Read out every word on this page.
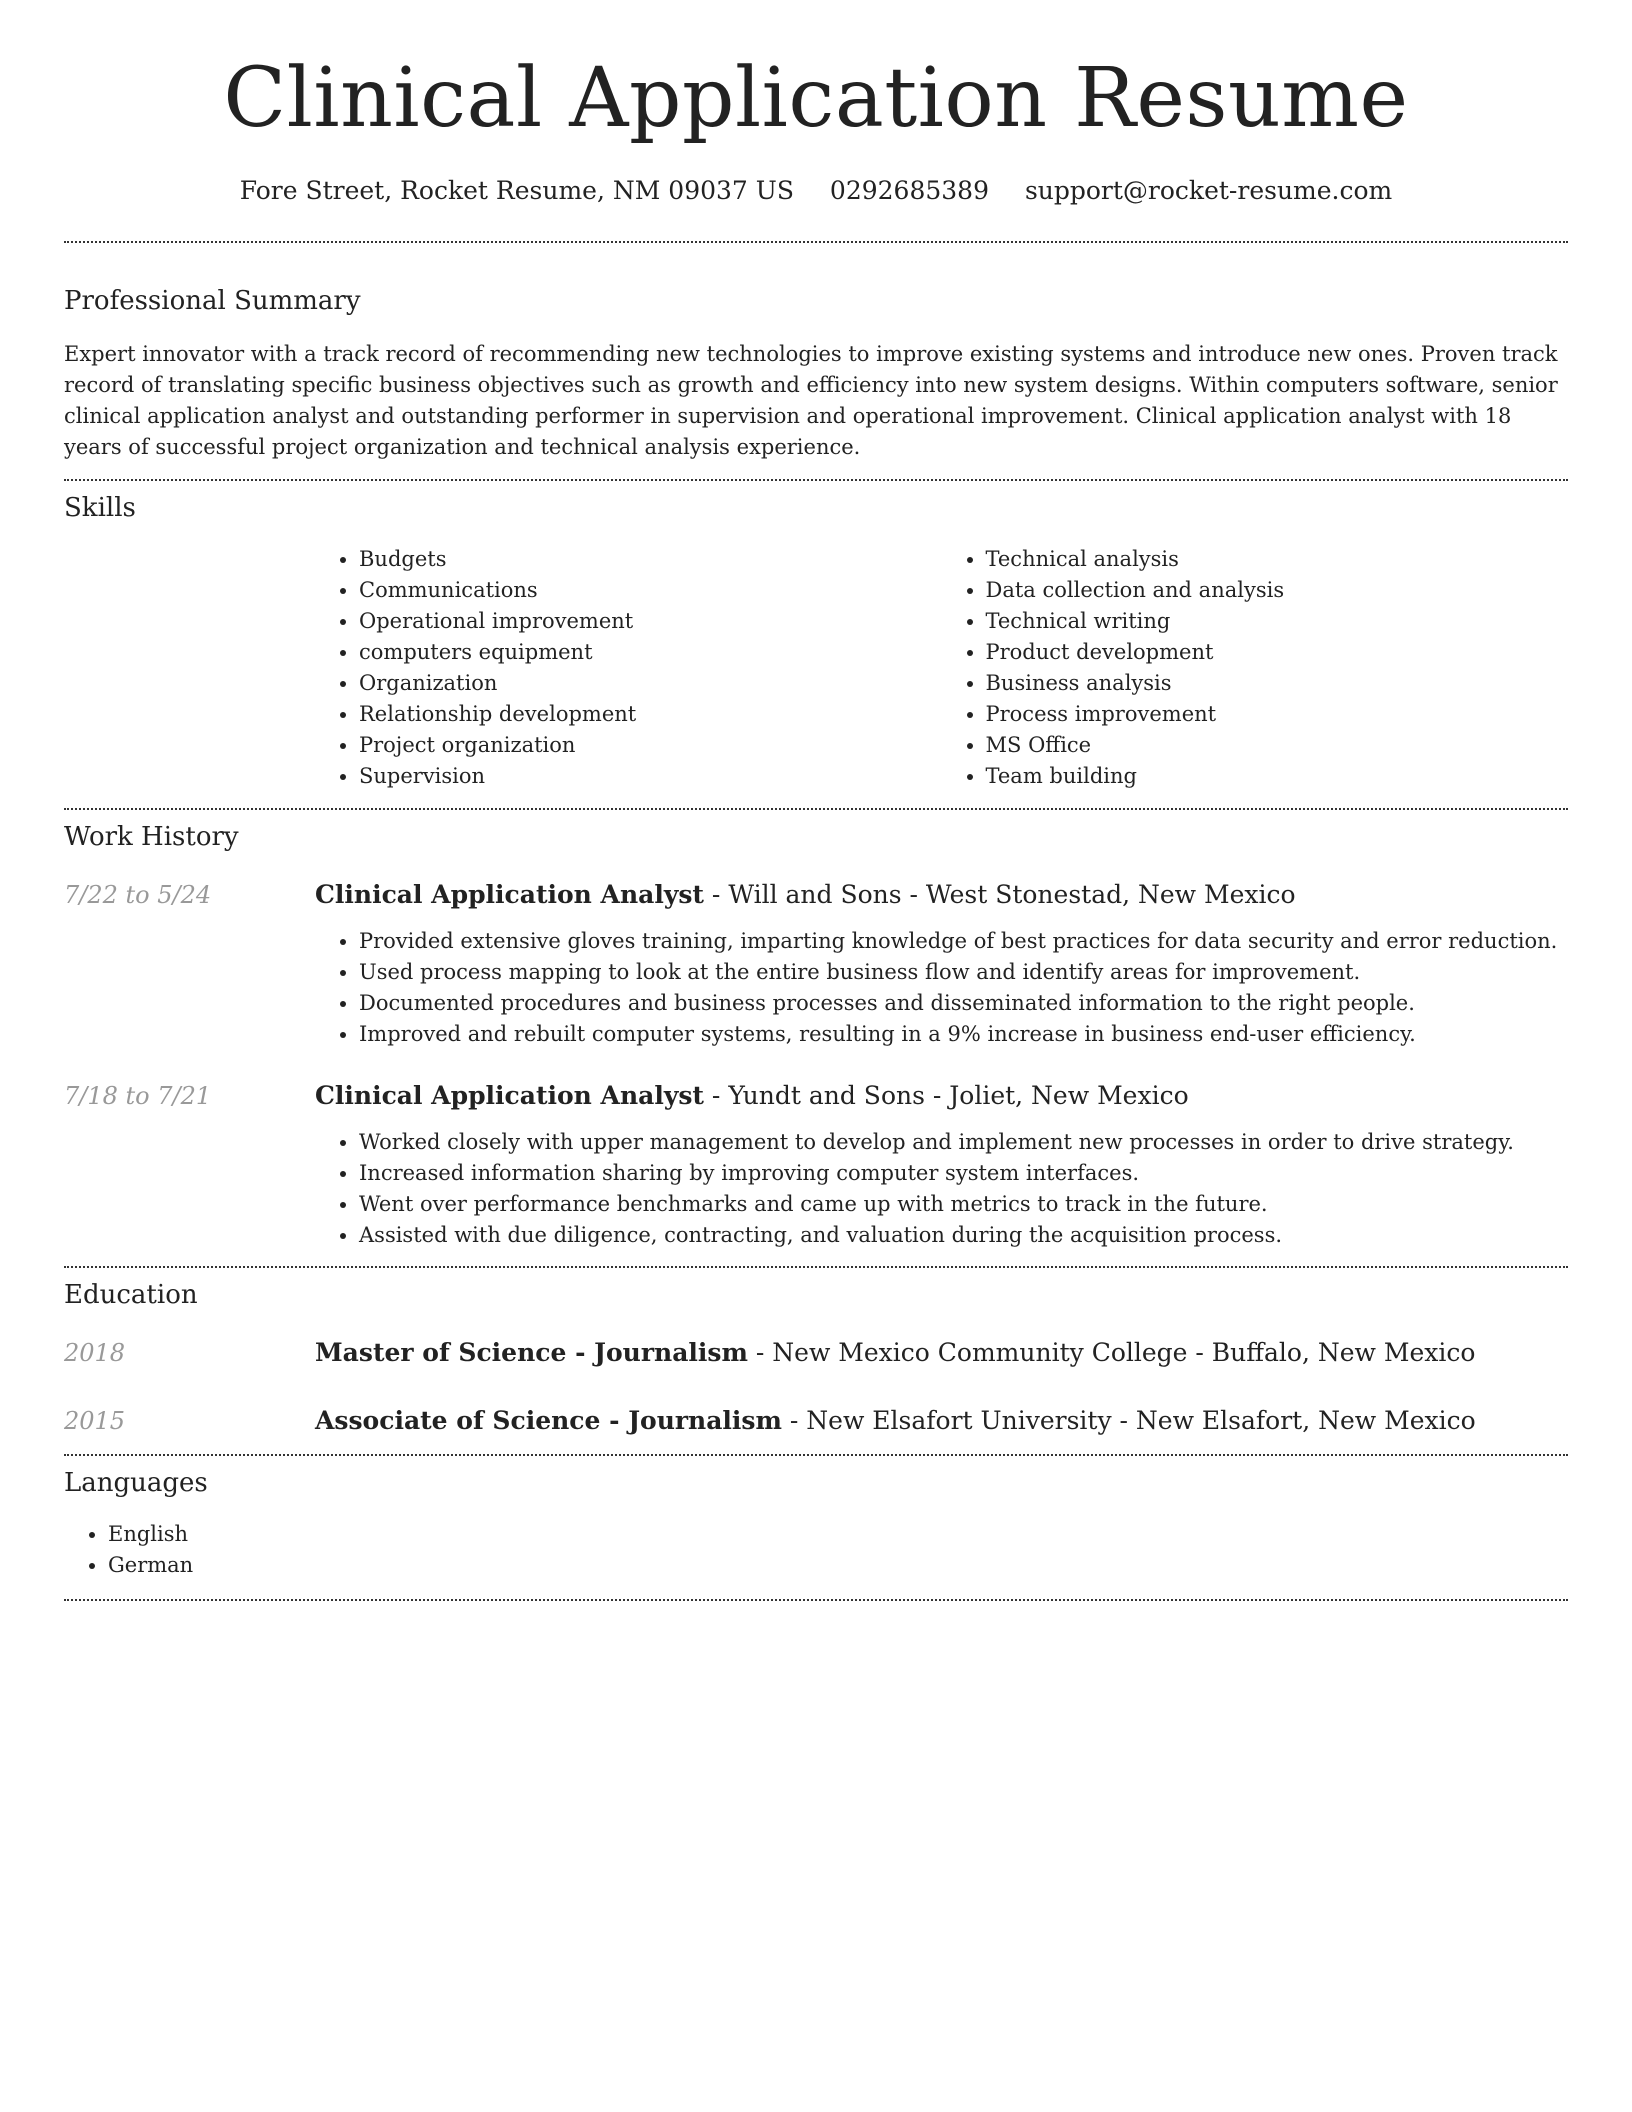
Clinical Application Resume
Fore Street, Rocket Resume, NM 09037 US 0292685389 support@rocket-resume.com
Professional Summary

Expert innovator with a track record of recommending new technologies to improve existing systems and introduce new ones. Proven track record of translating specific business objectives such as growth and efficiency into new system designs. Within computers software, senior clinical application analyst and outstanding performer in supervision and operational improvement. Clinical application analyst with 18 years of successful project organization and technical analysis experience.

Skills
• Budgets
• Communications
• Operational improvement
• computers equipment
• Organization
• Relationship development
• Project organization
• Supervision
• Technical analysis
• Data collection and analysis
• Technical writing
• Product development
• Business analysis
• Process improvement
• MS Office
• Team building
Work History
7/22 to 5/24	Clinical Application Analyst - Will and Sons - West Stonestad, New Mexico
• Provided extensive gloves training, imparting knowledge of best practices for data security and error reduction.
• Used process mapping to look at the entire business flow and identify areas for improvement.
• Documented procedures and business processes and disseminated information to the right people.
• Improved and rebuilt computer systems, resulting in a 9% increase in business end-user efficiency.
7/18 to 7/21	Clinical Application Analyst - Yundt and Sons - Joliet, New Mexico
• Worked closely with upper management to develop and implement new processes in order to drive strategy.
• Increased information sharing by improving computer system interfaces.
• Went over performance benchmarks and came up with metrics to track in the future.
• Assisted with due diligence, contracting, and valuation during the acquisition process.
Education
2018	Master of Science - Journalism - New Mexico Community College - Buffalo, New Mexico
2015	Associate of Science - Journalism - New Elsafort University - New Elsafort, New Mexico
Languages
• English
• German
